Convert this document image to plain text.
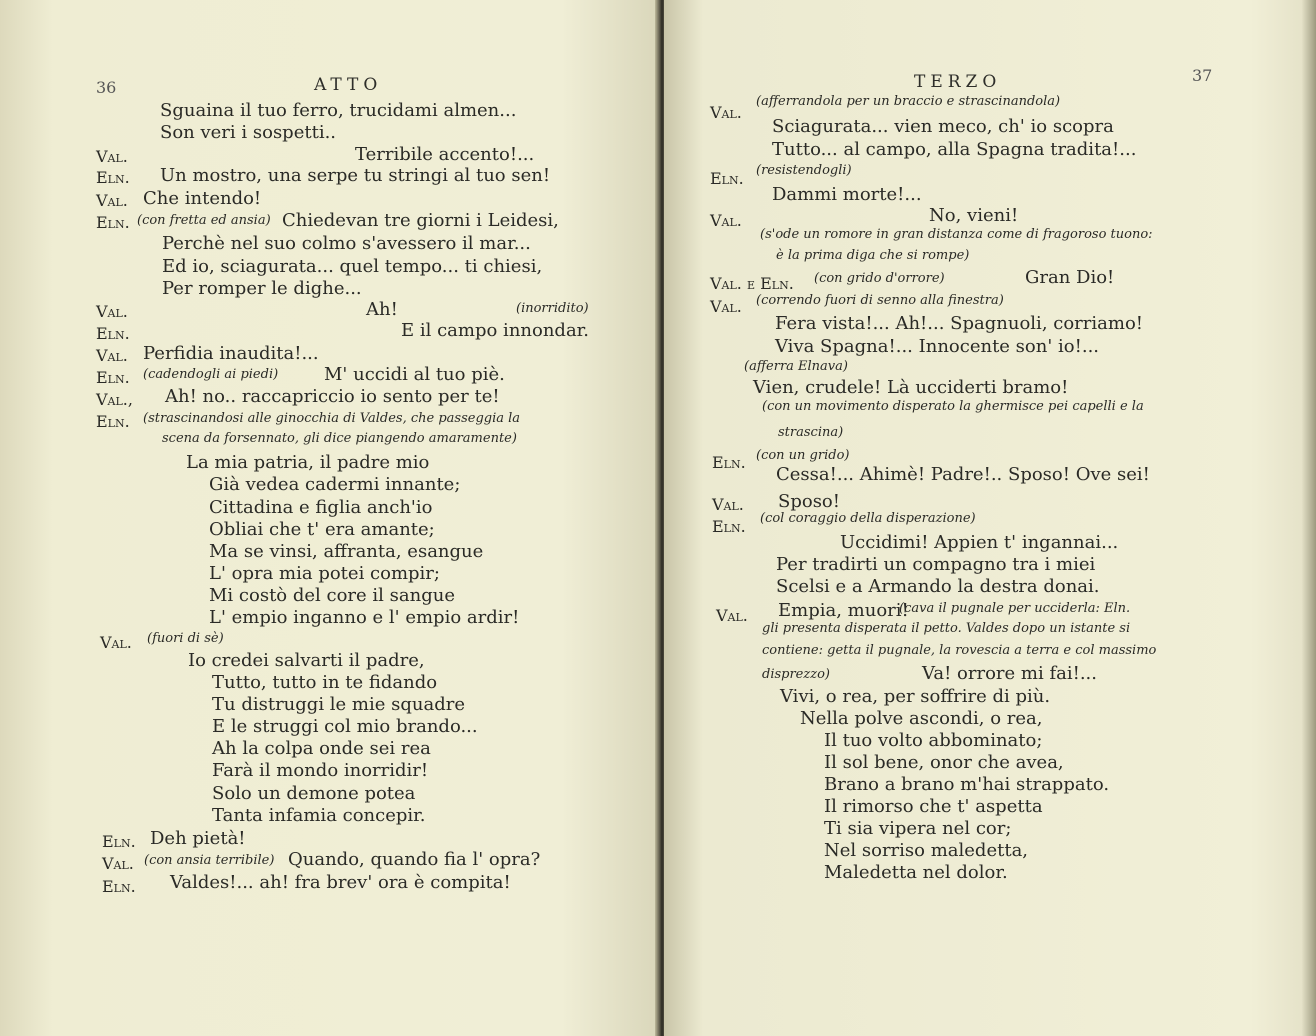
36	ATTO
Sguaina il tuo ferro, trucidami almen...
Son veri i sospetti..
Val.	Terribile accento!...
Eln. Un mostro, una serpe tu stringi al tuo sen!
Val. Che intendo!
Eln. (con fretta ed ansia) Chiedevan tre giorni i Leidesi,
Perchè nel suo colmo s'avessero il mar...
Ed io, sciagurata... quel tempo... ti chiesi,
Per romper le dighe...
Val.	Ah!	(inorridito)
Eln.	E il campo innondar.
Val. Perfidia inaudita!...
Eln. (cadendogli ai piedi)	M' uccidi al tuo piè.
Val., Ah! no.. raccapriccio io sento per te!
Eln. (strascinandosi alle ginocchia di Valdes, che passeggia la
scena da forsennato, gli dice piangendo amaramente)
La mia patria, il padre mio
Già vedea cadermi innante;
Cittadina e figlia anch'io
Obliai che t' era amante;
Ma se vinsi, affranta, esangue
L' opra mia potei compir;
Mi costò del core il sangue
L' empio inganno e l' empio ardir!
Val. (fuori di sè)
Io credei salvarti il padre,
Tutto, tutto in te fidando
Tu distruggi le mie squadre
E le struggi col mio brando...
Ah la colpa onde sei rea
Farà il mondo inorridir!
Solo un demone potea
Tanta infamia concepir.
Eln. Deh pietà!
Val. (con ansia terribile) Quando, quando fia l' opra?
Eln. Valdes!... ah! fra brev' ora è compita!
TERZO	37
Val.
(afferrandola per un braccio e strascinandola)
Sciagurata... vien meco, ch' io scopra
Tutto... al campo, alla Spagna tradita!...
Eln. (resistendogli)
Dammi morte!...
Val.	No, vieni!
(s'ode un romore in gran distanza come di fragoroso tuono:
è la prima diga che si rompe)
Val. e Eln. (con grido d'orrore)	Gran Dio!
Val. (correndo fuori di senno alla finestra)
Fera vista!... Ah!... Spagnuoli, corriamo!
Viva Spagna!... Innocente son' io!...
(afferra Elnava)
Vien, crudele! Là ucciderti bramo!
(con un movimento disperato la ghermisce pei capelli e la
strascina)
Eln. (con un grido)
Cessa!... Ahimè! Padre!.. Sposo! Ove sei!
Val. Sposo!
Eln. (col coraggio della disperazione)
Uccidimi! Appien t' ingannai...
Per tradirti un compagno tra i miei
Scelsi e a Armando la destra donai.
Val. Empia, muori!
(cava il pugnale per ucciderla: Eln.
gli presenta disperata il petto. Valdes dopo un istante si
contiene: getta il pugnale, la rovescia a terra e col massimo
disprezzo)	Va! orrore mi fai!...
Vivi, o rea, per soffrire di più.
Nella polve ascondi, o rea,
Il tuo volto abbominato;
Il sol bene, onor che avea,
Brano a brano m'hai strappato.
Il rimorso che t' aspetta
Ti sia vipera nel cor;
Nel sorriso maledetta,
Maledetta nel dolor.
